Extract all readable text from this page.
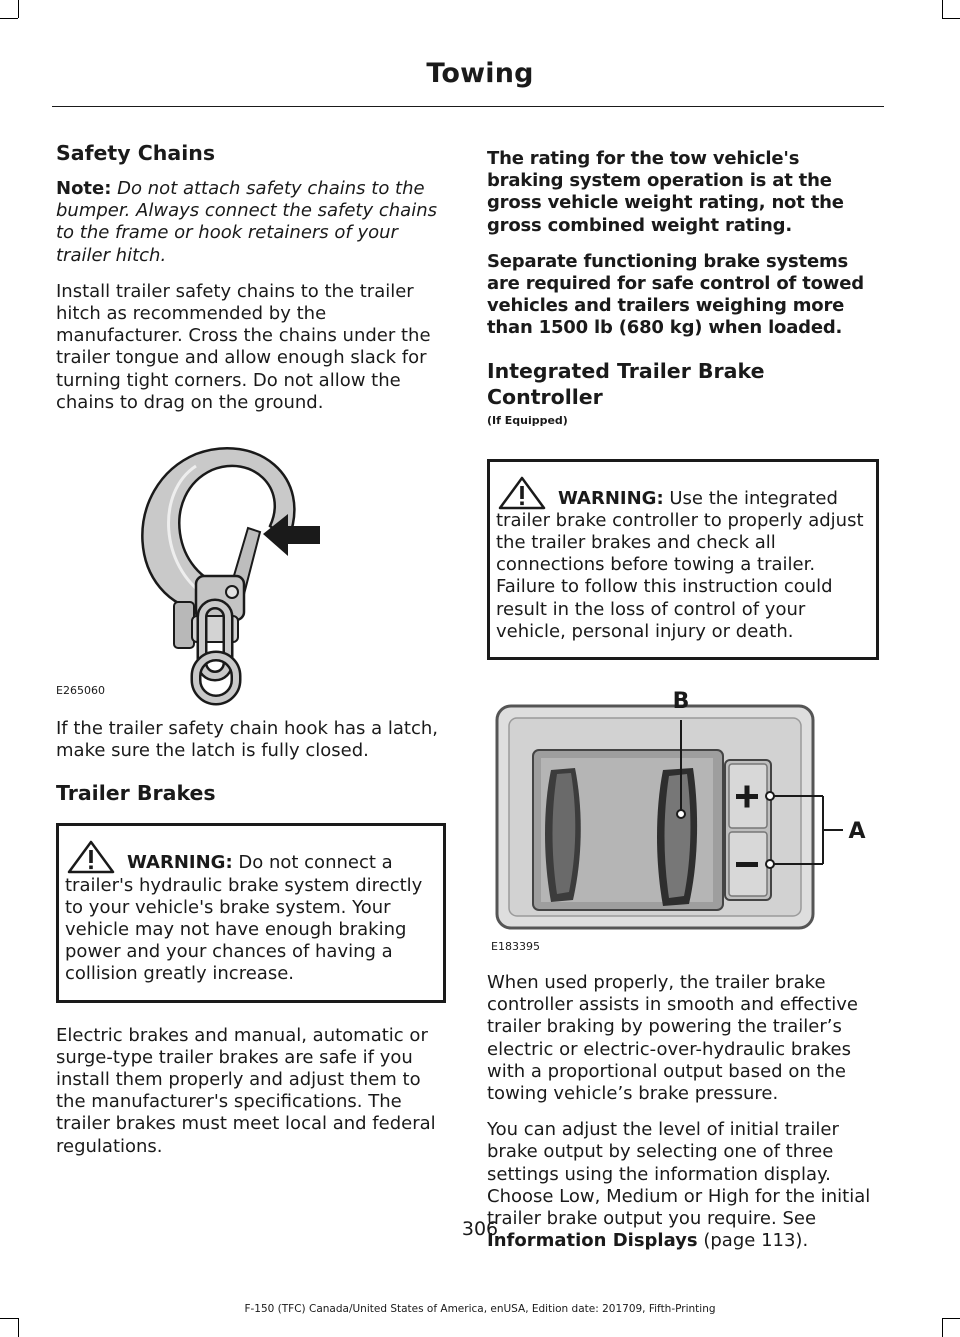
Towing
Safety Chains

Note: Do not attach safety chains to the bumper. Always connect the safety chains to the frame or hook retainers of your trailer hitch.

Install trailer safety chains to the trailer hitch as recommended by the manufacturer. Cross the chains under the trailer tongue and allow enough slack for turning tight corners. Do not allow the chains to drag on the ground.

E265060

If the trailer safety chain hook has a latch, make sure the latch is fully closed.

Trailer Brakes

WARNING: Do not connect a trailer's hydraulic brake system directly to your vehicle's brake system. Your vehicle may not have enough braking power and your chances of having a collision greatly increase.

Electric brakes and manual, automatic or surge-type trailer brakes are safe if you install them properly and adjust them to the manufacturer's specifications. The trailer brakes must meet local and federal regulations.

The rating for the tow vehicle's braking system operation is at the gross vehicle weight rating, not the gross combined weight rating.

Separate functioning brake systems are required for safe control of towed vehicles and trailers weighing more than 1500 lb (680 kg) when loaded.

Integrated Trailer Brake Controller
(If Equipped)

WARNING: Use the integrated trailer brake controller to properly adjust the trailer brakes and check all connections before towing a trailer. Failure to follow this instruction could result in the loss of control of your vehicle, personal injury or death.

B
A
E183395

When used properly, the trailer brake controller assists in smooth and effective trailer braking by powering the trailer’s electric or electric-over-hydraulic brakes with a proportional output based on the towing vehicle’s brake pressure.

You can adjust the level of initial trailer brake output by selecting one of three settings using the information display. Choose Low, Medium or High for the initial trailer brake output you require. See Information Displays (page 113).

306
F-150 (TFC) Canada/United States of America, enUSA, Edition date: 201709, Fifth-Printing
